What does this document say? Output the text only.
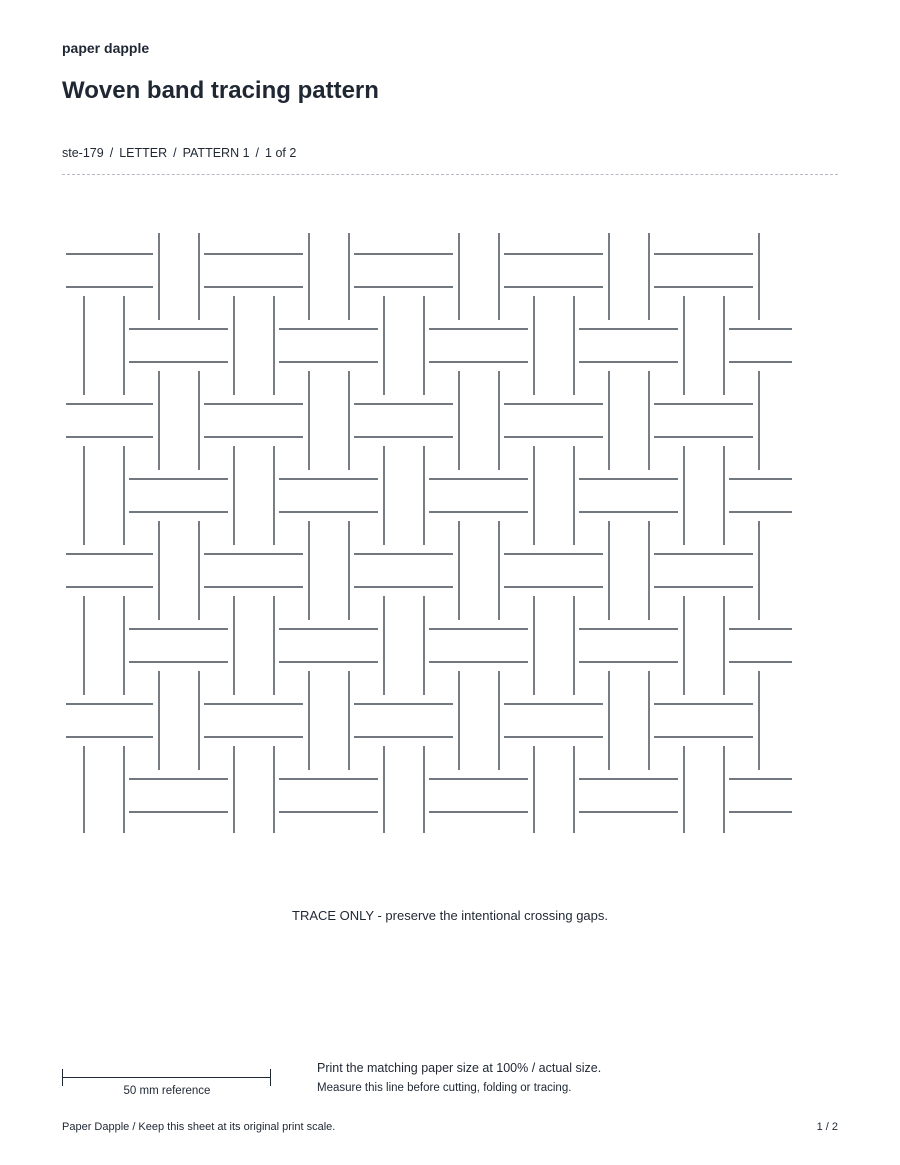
paper dapple
Woven band tracing pattern
ste-179 / LETTER / PATTERN 1 / 1 of 2
TRACE ONLY - preserve the intentional crossing gaps.
50 mm reference
Print the matching paper size at 100% / actual size.
Measure this line before cutting, folding or tracing.
Paper Dapple / Keep this sheet at its original print scale.	1 / 2
